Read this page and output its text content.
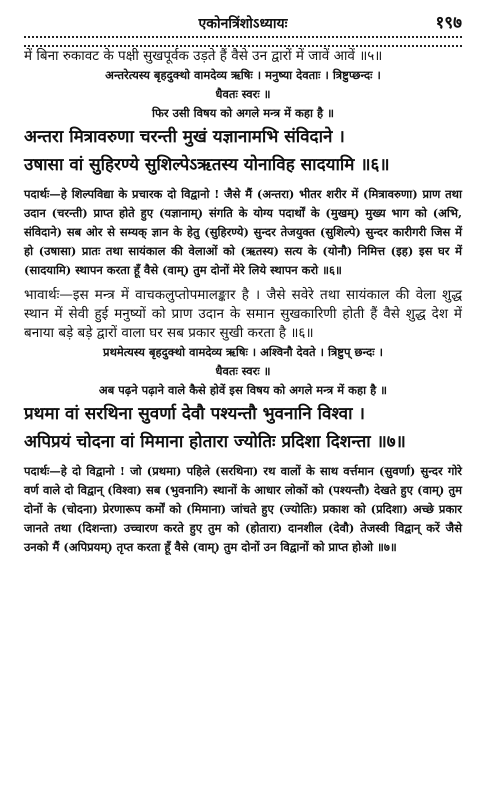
एकोनत्रिंशोऽध्यायः	१९७

में बिना रुकावट के पक्षी सुखपूर्वक उड़ते हैं वैसे उन द्वारों में जावें आवें ॥५॥

अन्तरेत्यस्य बृहदुक्थो वामदेव्य ऋषिः । मनुष्या देवताः । त्रिष्टुप्छन्दः ।

धैवतः स्वरः ॥

फिर उसी विषय को अगले मन्त्र में कहा है ॥

अन्तरा मित्रावरुणा चरन्ती मुखं यज्ञानामभि संविदाने ।

उषासा वां सुहिरण्ये सुशिल्पेऽऋतस्य योनाविह सादयामि ॥६॥

पदार्थः—हे शिल्पविद्या के प्रचारक दो विद्वानो ! जैसे मैं (अन्तरा) भीतर शरीर में (मित्रावरुणा) प्राण तथा उदान (चरन्ती) प्राप्त होते हुए (यज्ञानाम्) संगति के योग्य पदार्थों के (मुखम्) मुख्य भाग को (अभि, संविदाने) सब ओर से सम्यक् ज्ञान के हेतु (सुहिरण्ये) सुन्दर तेजयुक्त (सुशिल्पे) सुन्दर कारीगरी जिस में हो (उषासा) प्रातः तथा सायंकाल की वेलाओं को (ऋतस्य) सत्य के (योनौ) निमित्त (इह) इस घर में (सादयामि) स्थापन करता हूँ वैसे (वाम्) तुम दोनों मेरे लिये स्थापन करो ॥६॥

भावार्थः—इस मन्त्र में वाचकलुप्तोपमालङ्कार है । जैसे सवेरे तथा सायंकाल की वेला शुद्ध स्थान में सेवी हुई मनुष्यों को प्राण उदान के समान सुखकारिणी होती हैं वैसे शुद्ध देश में बनाया बड़े बड़े द्वारों वाला घर सब प्रकार सुखी करता है ॥६॥

प्रथमेत्यस्य बृहदुक्थो वामदेव्य ऋषिः । अश्विनौ देवते । त्रिष्टुप् छन्दः ।

धैवतः स्वरः ॥

अब पढ़ने पढ़ाने वाले कैसे होवें इस विषय को अगले मन्त्र में कहा है ॥

प्रथमा वां सरथिना सुवर्णा देवौ पश्यन्तौ भुवनानि विश्वा ।

अपिप्रयं चोदना वां मिमाना होतारा ज्योतिः प्रदिशा दिशन्ता ॥७॥

पदार्थः—हे दो विद्वानो ! जो (प्रथमा) पहिले (सरथिना) रथ वालों के साथ वर्त्तमान (सुवर्णा) सुन्दर गोरे वर्ण वाले दो विद्वान् (विश्वा) सब (भुवनानि) स्थानों के आधार लोकों को (पश्यन्तौ) देखते हुए (वाम्) तुम दोनों के (चोदना) प्रेरणारूप कर्मों को (मिमाना) जांचते हुए (ज्योतिः) प्रकाश को (प्रदिशा) अच्छे प्रकार जानते तथा (दिशन्ता) उच्चारण करते हुए तुम को (होतारा) दानशील (देवौ) तेजस्वी विद्वान् करें जैसे उनको मैं (अपिप्रयम्) तृप्त करता हूँ वैसे (वाम्) तुम दोनों उन विद्वानों को प्राप्त होओ ॥७॥
